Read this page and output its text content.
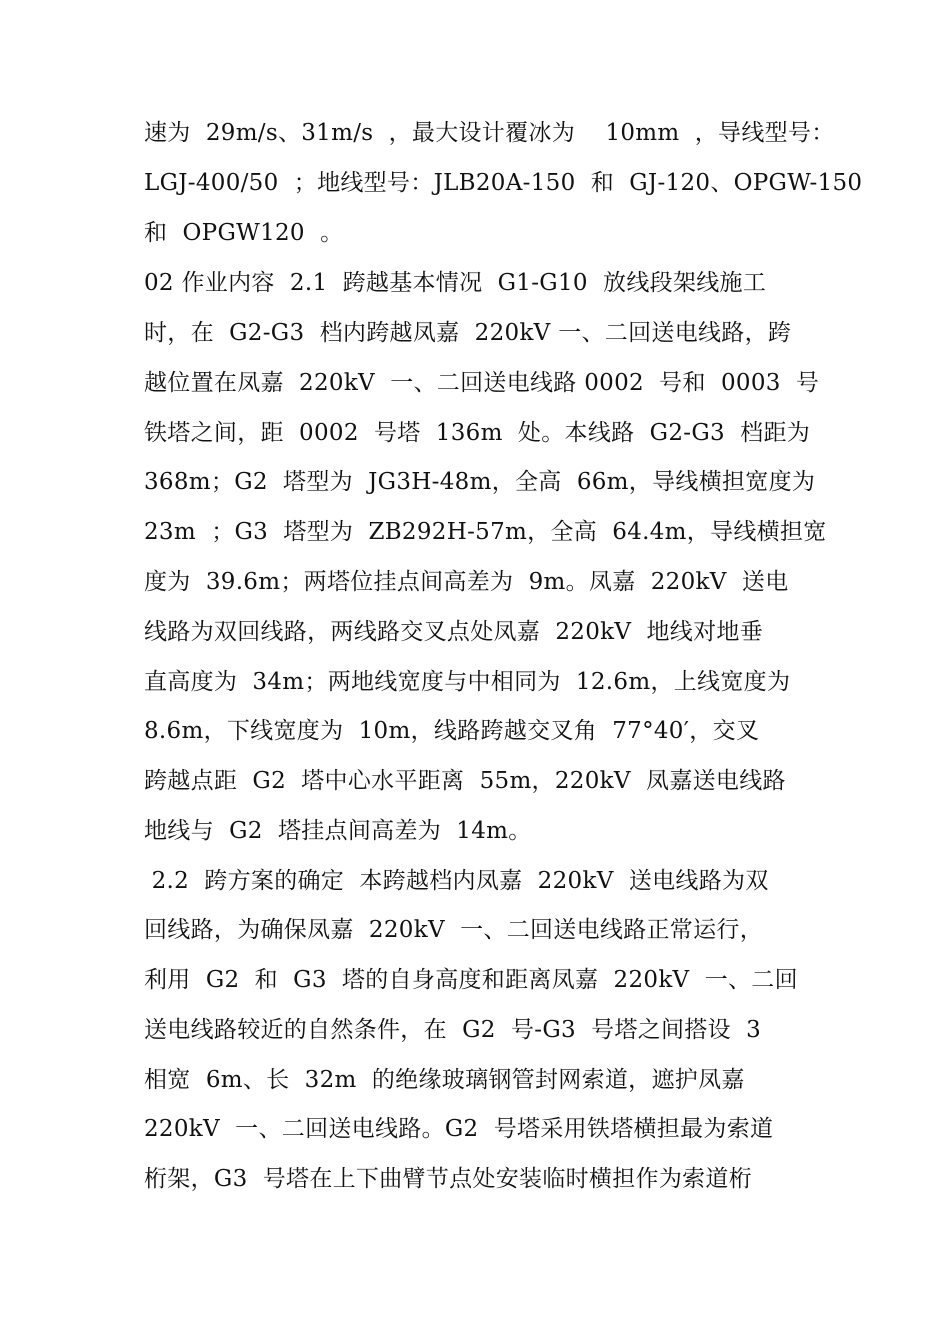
速为  29m/s、31m/s  ，最大设计覆冰为    10mm  ，导线型号：
LGJ-400/50  ；地线型号：JLB20A-150  和  GJ-120、OPGW-150
和  OPGW120  。
02 作业内容  2.1  跨越基本情况  G1-G10  放线段架线施工
时，在  G2-G3  档内跨越凤嘉  220kV 一、二回送电线路，跨
越位置在凤嘉  220kV  一、二回送电线路 0002  号和  0003  号
铁塔之间，距  0002  号塔  136m  处。本线路  G2-G3  档距为
368m；G2  塔型为  JG3H-48m，全高  66m，导线横担宽度为
23m  ；G3  塔型为  ZB292H-57m，全高  64.4m，导线横担宽
度为  39.6m；两塔位挂点间高差为  9m。凤嘉  220kV  送电
线路为双回线路，两线路交叉点处凤嘉  220kV  地线对地垂
直高度为  34m；两地线宽度与中相同为  12.6m，上线宽度为
8.6m，下线宽度为  10m，线路跨越交叉角  77°40′，交叉
跨越点距  G2  塔中心水平距离  55m，220kV  凤嘉送电线路
地线与  G2  塔挂点间高差为  14m。
2.2  跨方案的确定  本跨越档内凤嘉  220kV  送电线路为双
回线路，为确保凤嘉  220kV  一、二回送电线路正常运行，
利用  G2  和  G3  塔的自身高度和距离凤嘉  220kV  一、二回
送电线路较近的自然条件，在  G2  号-G3  号塔之间搭设  3
相宽  6m、长  32m  的绝缘玻璃钢管封网索道，遮护凤嘉
220kV  一、二回送电线路。G2  号塔采用铁塔横担最为索道
桁架，G3  号塔在上下曲臂节点处安装临时横担作为索道桁
